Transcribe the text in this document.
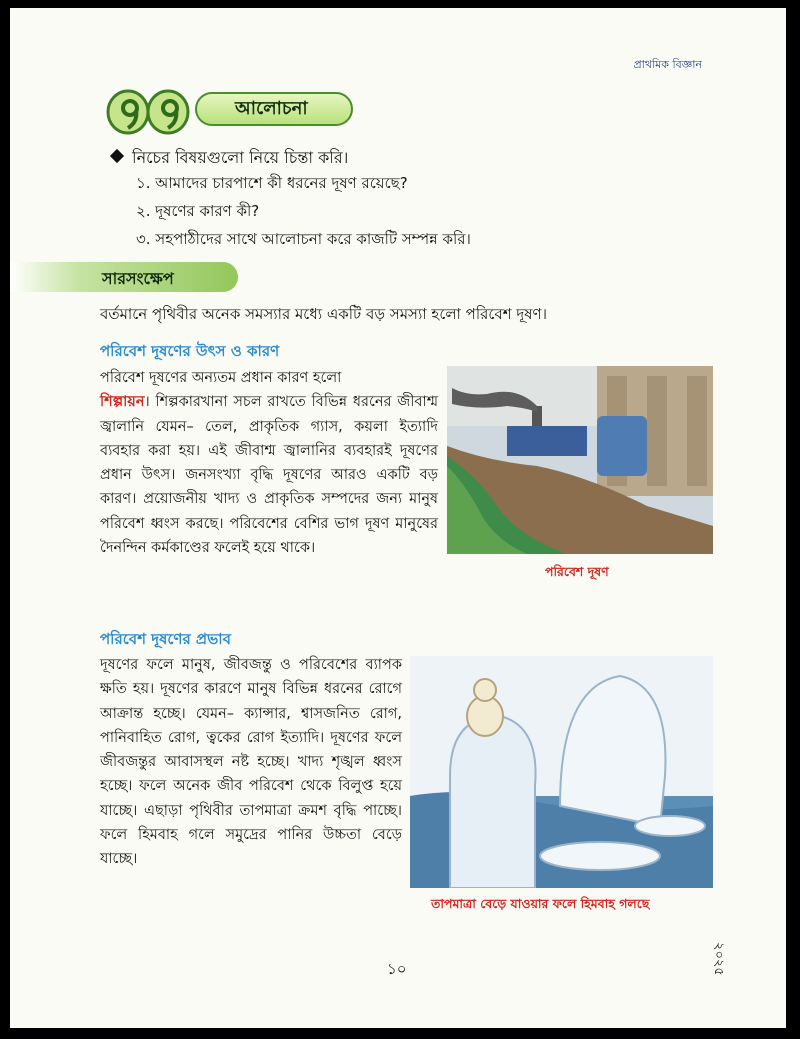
প্রাথমিক বিজ্ঞান
আলোচনা
নিচের বিষয়গুলো নিয়ে চিন্তা করি।
১. আমাদের চারপাশে কী ধরনের দূষণ রয়েছে?
২. দূষণের কারণ কী?
৩. সহপাঠীদের সাথে আলোচনা করে কাজটি সম্পন্ন করি।
সারসংক্ষেপ
বর্তমানে পৃথিবীর অনেক সমস্যার মধ্যে একটি বড় সমস্যা হলো পরিবেশ দূষণ।
পরিবেশ দূষণের উৎস ও কারণ
পরিবেশ দূষণের অন্যতম প্রধান কারণ হলো
শিল্পায়ন। শিল্পকারখানা সচল রাখতে বিভিন্ন ধরনের জীবাশ্ম জ্বালানি যেমন– তেল, প্রাকৃতিক গ্যাস, কয়লা ইত্যাদি ব্যবহার করা হয়। এই জীবাশ্ম জ্বালানির ব্যবহারই দূষণের প্রধান উৎস। জনসংখ্যা বৃদ্ধি দূষণের আরও একটি বড় কারণ। প্রয়োজনীয় খাদ্য ও প্রাকৃতিক সম্পদের জন্য মানুষ পরিবেশ ধ্বংস করছে। পরিবেশের বেশির ভাগ দূষণ মানুষের দৈনন্দিন কর্মকাণ্ডের ফলেই হয়ে থাকে।
পরিবেশ দূষণ
পরিবেশ দূষণের প্রভাব
দূষণের ফলে মানুষ, জীবজন্তু ও পরিবেশের ব্যাপক ক্ষতি হয়। দূষণের কারণে মানুষ বিভিন্ন ধরনের রোগে আক্রান্ত হচ্ছে। যেমন– ক্যান্সার, শ্বাসজনিত রোগ, পানিবাহিত রোগ, ত্বকের রোগ ইত্যাদি। দূষণের ফলে জীবজন্তুর আবাসস্থল নষ্ট হচ্ছে। খাদ্য শৃঙ্খল ধ্বংস হচ্ছে। ফলে অনেক জীব পরিবেশ থেকে বিলুপ্ত হয়ে যাচ্ছে। এছাড়া পৃথিবীর তাপমাত্রা ক্রমশ বৃদ্ধি পাচ্ছে। ফলে হিমবাহ গলে সমুদ্রের পানির উচ্চতা বেড়ে যাচ্ছে।
তাপমাত্রা বেড়ে যাওয়ার ফলে হিমবাহ গলছে
১০	২০২৫
